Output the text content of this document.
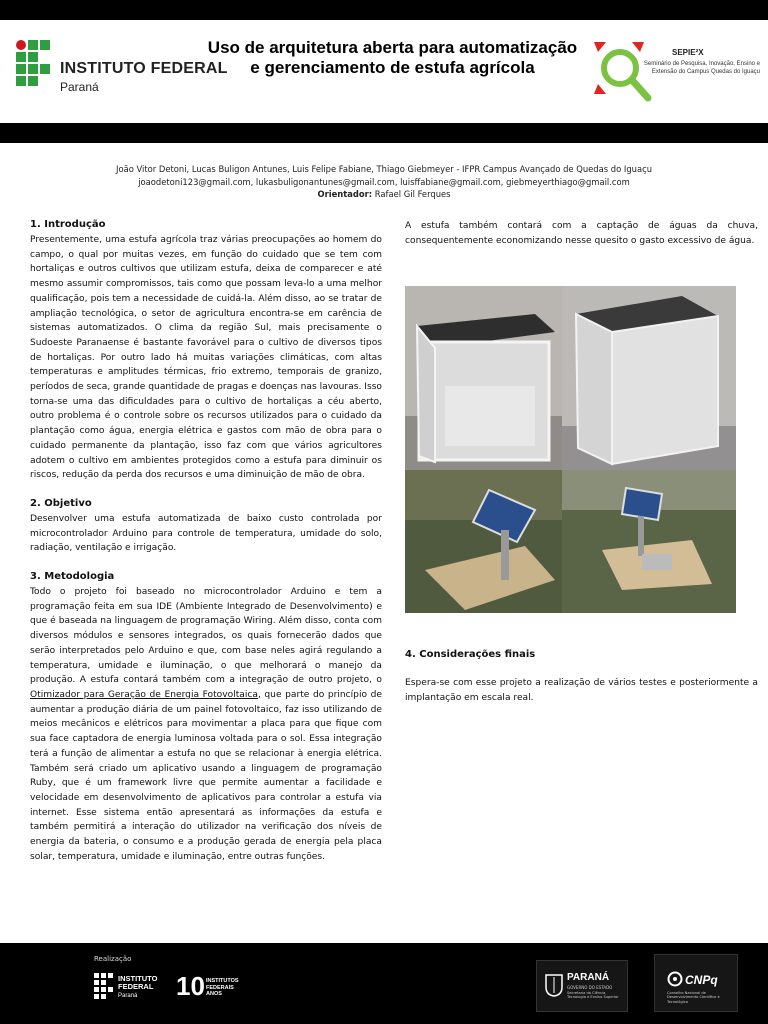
INSTITUTO FEDERAL
Paraná
Uso de arquitetura aberta para automatização e gerenciamento de estufa agrícola
SEPIE²X
Seminário de Pesquisa, Inovação, Ensino e Extensão do Campus Quedas do Iguaçu
João Vitor Detoni, Lucas Buligon Antunes, Luis Felipe Fabiane, Thiago Giebmeyer - IFPR Campus Avançado de Quedas do Iguaçu
joaodetoni123@gmail.com, lukasbuligonantunes@gmail.com, luisffabiane@gmail.com, giebmeyerthiago@gmail.com
Orientador: Rafael Gil Ferques
1. Introdução
Presentemente, uma estufa agrícola traz várias preocupações ao homem do campo, o qual por muitas vezes, em função do cuidado que se tem com hortaliças e outros cultivos que utilizam estufa, deixa de comparecer e até mesmo assumir compromissos, tais como que possam leva-lo a uma melhor qualificação, pois tem a necessidade de cuidá-la. Além disso, ao se tratar de ampliação tecnológica, o setor de agricultura encontra-se em carência de sistemas automatizados. O clima da região Sul, mais precisamente o Sudoeste Paranaense é bastante favorável para o cultivo de diversos tipos de hortaliças. Por outro lado há muitas variações climáticas, com altas temperaturas e amplitudes térmicas, frio extremo, temporais de granizo, períodos de seca, grande quantidade de pragas e doenças nas lavouras. Isso torna-se uma das dificuldades para o cultivo de hortaliças a céu aberto, outro problema é o controle sobre os recursos utilizados para o cuidado da plantação como água, energia elétrica e gastos com mão de obra para o cuidado permanente da plantação, isso faz com que vários agricultores adotem o cultivo em ambientes protegidos como a estufa para diminuir os riscos, redução da perda dos recursos e uma diminuição de mão de obra.
2. Objetivo
Desenvolver uma estufa automatizada de baixo custo controlada por microcontrolador Arduino para controle de temperatura, umidade do solo, radiação, ventilação e irrigação.
3. Metodologia
Todo o projeto foi baseado no microcontrolador Arduino e tem a programação feita em sua IDE (Ambiente Integrado de Desenvolvimento) e que é baseada na linguagem de programação Wiring. Além disso, conta com diversos módulos e sensores integrados, os quais fornecerão dados que serão interpretados pelo Arduino e que, com base neles agirá regulando a temperatura, umidade e iluminação, o que melhorará o manejo da produção. A estufa contará também com a integração de outro projeto, o Otimizador para Geração de Energia Fotovoltaica, que parte do princípio de aumentar a produção diária de um painel fotovoltaico, faz isso utilizando de meios mecânicos e elétricos para movimentar a placa para que fique com sua face captadora de energia luminosa voltada para o sol. Essa integração terá a função de alimentar a estufa no que se relacionar à energia elétrica. Também será criado um aplicativo usando a linguagem de programação Ruby, que é um framework livre que permite aumentar a facilidade e velocidade em desenvolvimento de aplicativos para controlar a estufa via internet. Esse sistema então apresentará as informações da estufa e também permitirá a interação do utilizador na verificação dos níveis de energia da bateria, o consumo e a produção gerada de energia pela placa solar, temperatura, umidade e iluminação, entre outras funções.
A estufa também contará com a captação de águas da chuva, consequentemente economizando nesse quesito o gasto excessivo de água.
4. Considerações finais
Espera-se com esse projeto a realização de vários testes e posteriormente a implantação em escala real.
Realização
INSTITUTO FEDERAL
Paraná 10 INSTITUTOS FEDERAIS ANOS
PARANÁ
GOVERNO DO ESTADO
Secretaria da Ciência, Tecnologia e Ensino Superior
CNPq
Conselho Nacional de Desenvolvimento Científico e Tecnológico
